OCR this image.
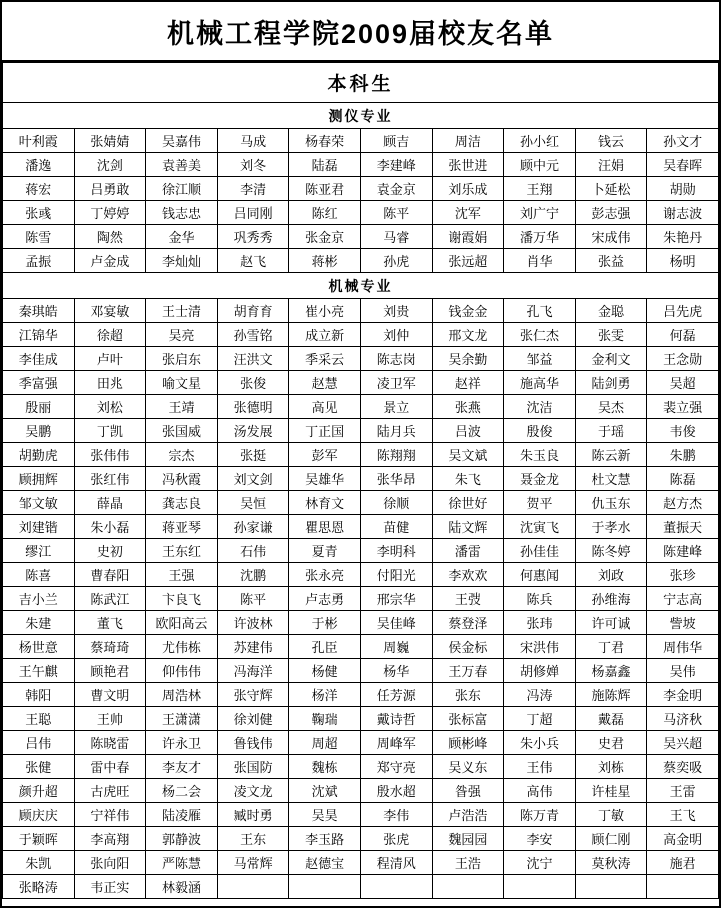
机械工程学院2009届校友名单
本科生									
测仪专业									
叶利霞	张婧婧	吴嘉伟	马成	杨春荣	顾吉	周洁	孙小红	钱云	孙文才
潘逸	沈剑	袁善美	刘冬	陆磊	李建峰	张世进	顾中元	汪娟	吴春晖
蒋宏	吕勇敢	徐江顺	李清	陈亚君	袁金京	刘乐成	王翔	卜延松	胡勋
张彧	丁婷婷	钱志忠	吕同刚	陈红	陈平	沈军	刘广宁	彭志强	谢志波
陈雪	陶然	金华	巩秀秀	张金京	马睿	谢霞娟	潘万华	宋成伟	朱艳丹
孟振	卢金成	李灿灿	赵飞	蒋彬	孙虎	张远超	肖华	张益	杨明
机械专业									
秦琪皓	邓宴敏	王士清	胡育育	崔小亮	刘贵	钱金金	孔飞	金聪	吕先虎
江锦华	徐超	吴亮	孙雪铭	成立新	刘仲	邢文龙	张仁杰	张雯	何磊
李佳成	卢叶	张启东	汪洪文	季采云	陈志岗	吴余勤	邹益	金利文	王念勋
季富强	田兆	喻文星	张俊	赵慧	凌卫军	赵祥	施高华	陆剑勇	吴超
殷丽	刘松	王靖	张德明	高见	景立	张燕	沈洁	吴杰	裴立强
吴鹏	丁凯	张国威	汤发展	丁正国	陆月兵	吕波	殷俊	于瑶	韦俊
胡勤虎	张伟伟	宗杰	张挺	彭军	陈翔翔	吴文斌	朱玉良	陈云新	朱鹏
顾拥辉	张红伟	冯秋霞	刘文剑	吴雄华	张华昂	朱飞	聂金龙	杜文慧	陈磊
邹文敏	薛晶	龚志良	吴恒	林育文	徐顺	徐世好	贺平	仇玉东	赵方杰
刘建锴	朱小磊	蒋亚琴	孙家谦	瞿思恩	苗健	陆文辉	沈寅飞	于孝水	董振天
缪江	史初	王东红	石伟	夏青	李明科	潘雷	孙佳佳	陈冬婷	陈建峰
陈喜	曹春阳	王强	沈鹏	张永亮	付阳光	李欢欢	何惠闻	刘政	张珍
吉小兰	陈武江	卞良飞	陈平	卢志勇	邢宗华	王弢	陈兵	孙维海	宁志高
朱建	董飞	欧阳高云	许波林	于彬	吴佳峰	蔡登泽	张玮	许可诚	訾坡
杨世意	蔡琦琦	尤伟栋	苏建伟	孔臣	周巍	侯金标	宋洪伟	丁君	周伟华
王午麒	顾艳君	仰伟伟	冯海洋	杨健	杨华	王万春	胡修婵	杨嘉鑫	吴伟
韩阳	曹文明	周浩林	张守辉	杨洋	任芳源	张东	冯涛	施陈辉	李金明
王聪	王帅	王潇潇	徐刘健	鞠瑞	戴诗哲	张标富	丁超	戴磊	马济秋
吕伟	陈晓雷	许永卫	鲁钱伟	周超	周峰军	顾彬峰	朱小兵	史君	吴兴超
张健	雷中春	李友才	张国防	魏栋	郑守亮	吴义东	王伟	刘栋	蔡奕吸
颜升超	古虎旺	杨二会	凌文龙	沈斌	殷水超	昝强	高伟	许桂星	王雷
顾庆庆	宁祥伟	陆凌雁	臧时勇	吴昊	李伟	卢浩浩	陈万青	丁敏	王飞
于颖晖	李高翔	郭静波	王东	李玉路	张虎	魏园园	李安	顾仁刚	高金明
朱凯	张向阳	严陈慧	马常辉	赵德宝	程清风	王浩	沈宁	莫秋涛	施君
张略涛	韦正实	林毅涵							
